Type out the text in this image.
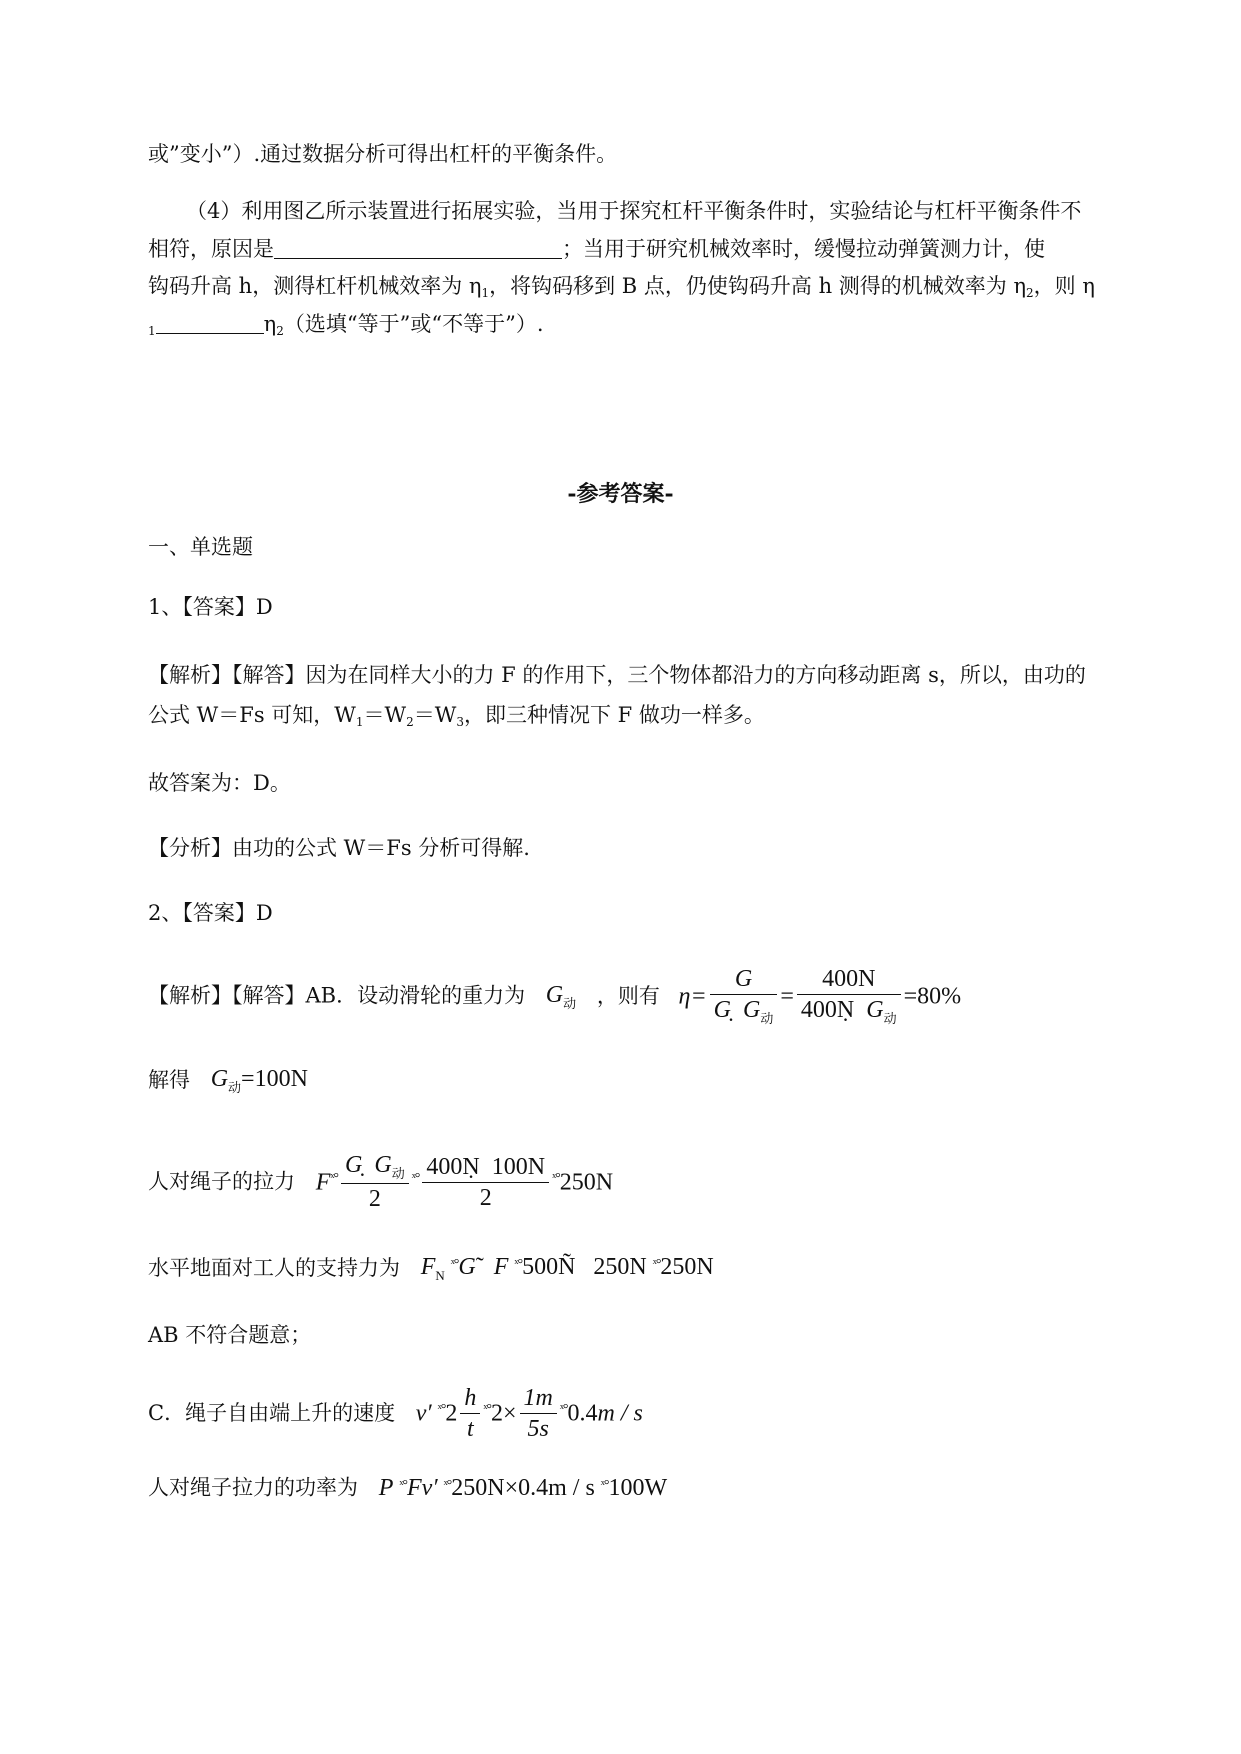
或”变小”）.通过数据分析可得出杠杆的平衡条件。
（4）利用图乙所示装置进行拓展实验，当用于探究杠杆平衡条件时，实验结论与杠杆平衡条件不
相符，原因是	；当用于研究机械效率时，缓慢拉动弹簧测力计，使
钩码升高 h，测得杠杆机械效率为 $\eta_1$，将钩码移到 B 点，仍使钩码升高 h 测得的机械效率为 $\eta_2$，则 η
$_1$	$\eta_2$（选填“等于”或“不等于”）.
-参考答案-
一、单选题
1、【答案】D
【解析】【解答】因为在同样大小的力 F 的作用下，三个物体都沿力的方向移动距离 s，所以，由功的
公式 W＝Fs 可知，$W_1=W_2=W_3$，即三种情况下 F 做功一样多。
故答案为：D。
【分析】由功的公式 W＝Fs 分析可得解.
2、【答案】D
【解析】【解答】AB．设动滑轮的重力为 $G_动$ ，则有 $\eta= \frac{G}{G G_动} = \frac{400N}{400N G_动} =80\%$
解得 $G_动=100N$
人对绳子的拉力 $F^{ˣ^\circ} \frac{G G_动}{2} ^{ˣ^\circ} \frac{400N 100N}{2} ^{ˣ^\circ}250N$
水平地面对工人的支持力为 $F_N$ $^{ˣ^\circ}$G F $^{ˣ^\circ}$500N 250N $^{ˣ^\circ}$250N
AB 不符合题意；
C．绳子自由端上升的速度 v′ $^{ˣ^\circ}2 \frac{h}{t} ^{ˣ^\circ}2\times \frac{1m}{5s} ^{ˣ^\circ}0.4m / s$
人对绳子拉力的功率为 P $^{ˣ^\circ}$Fv′ $^{ˣ^\circ}$250N×0.4m / s $^{ˣ^\circ}$100W
